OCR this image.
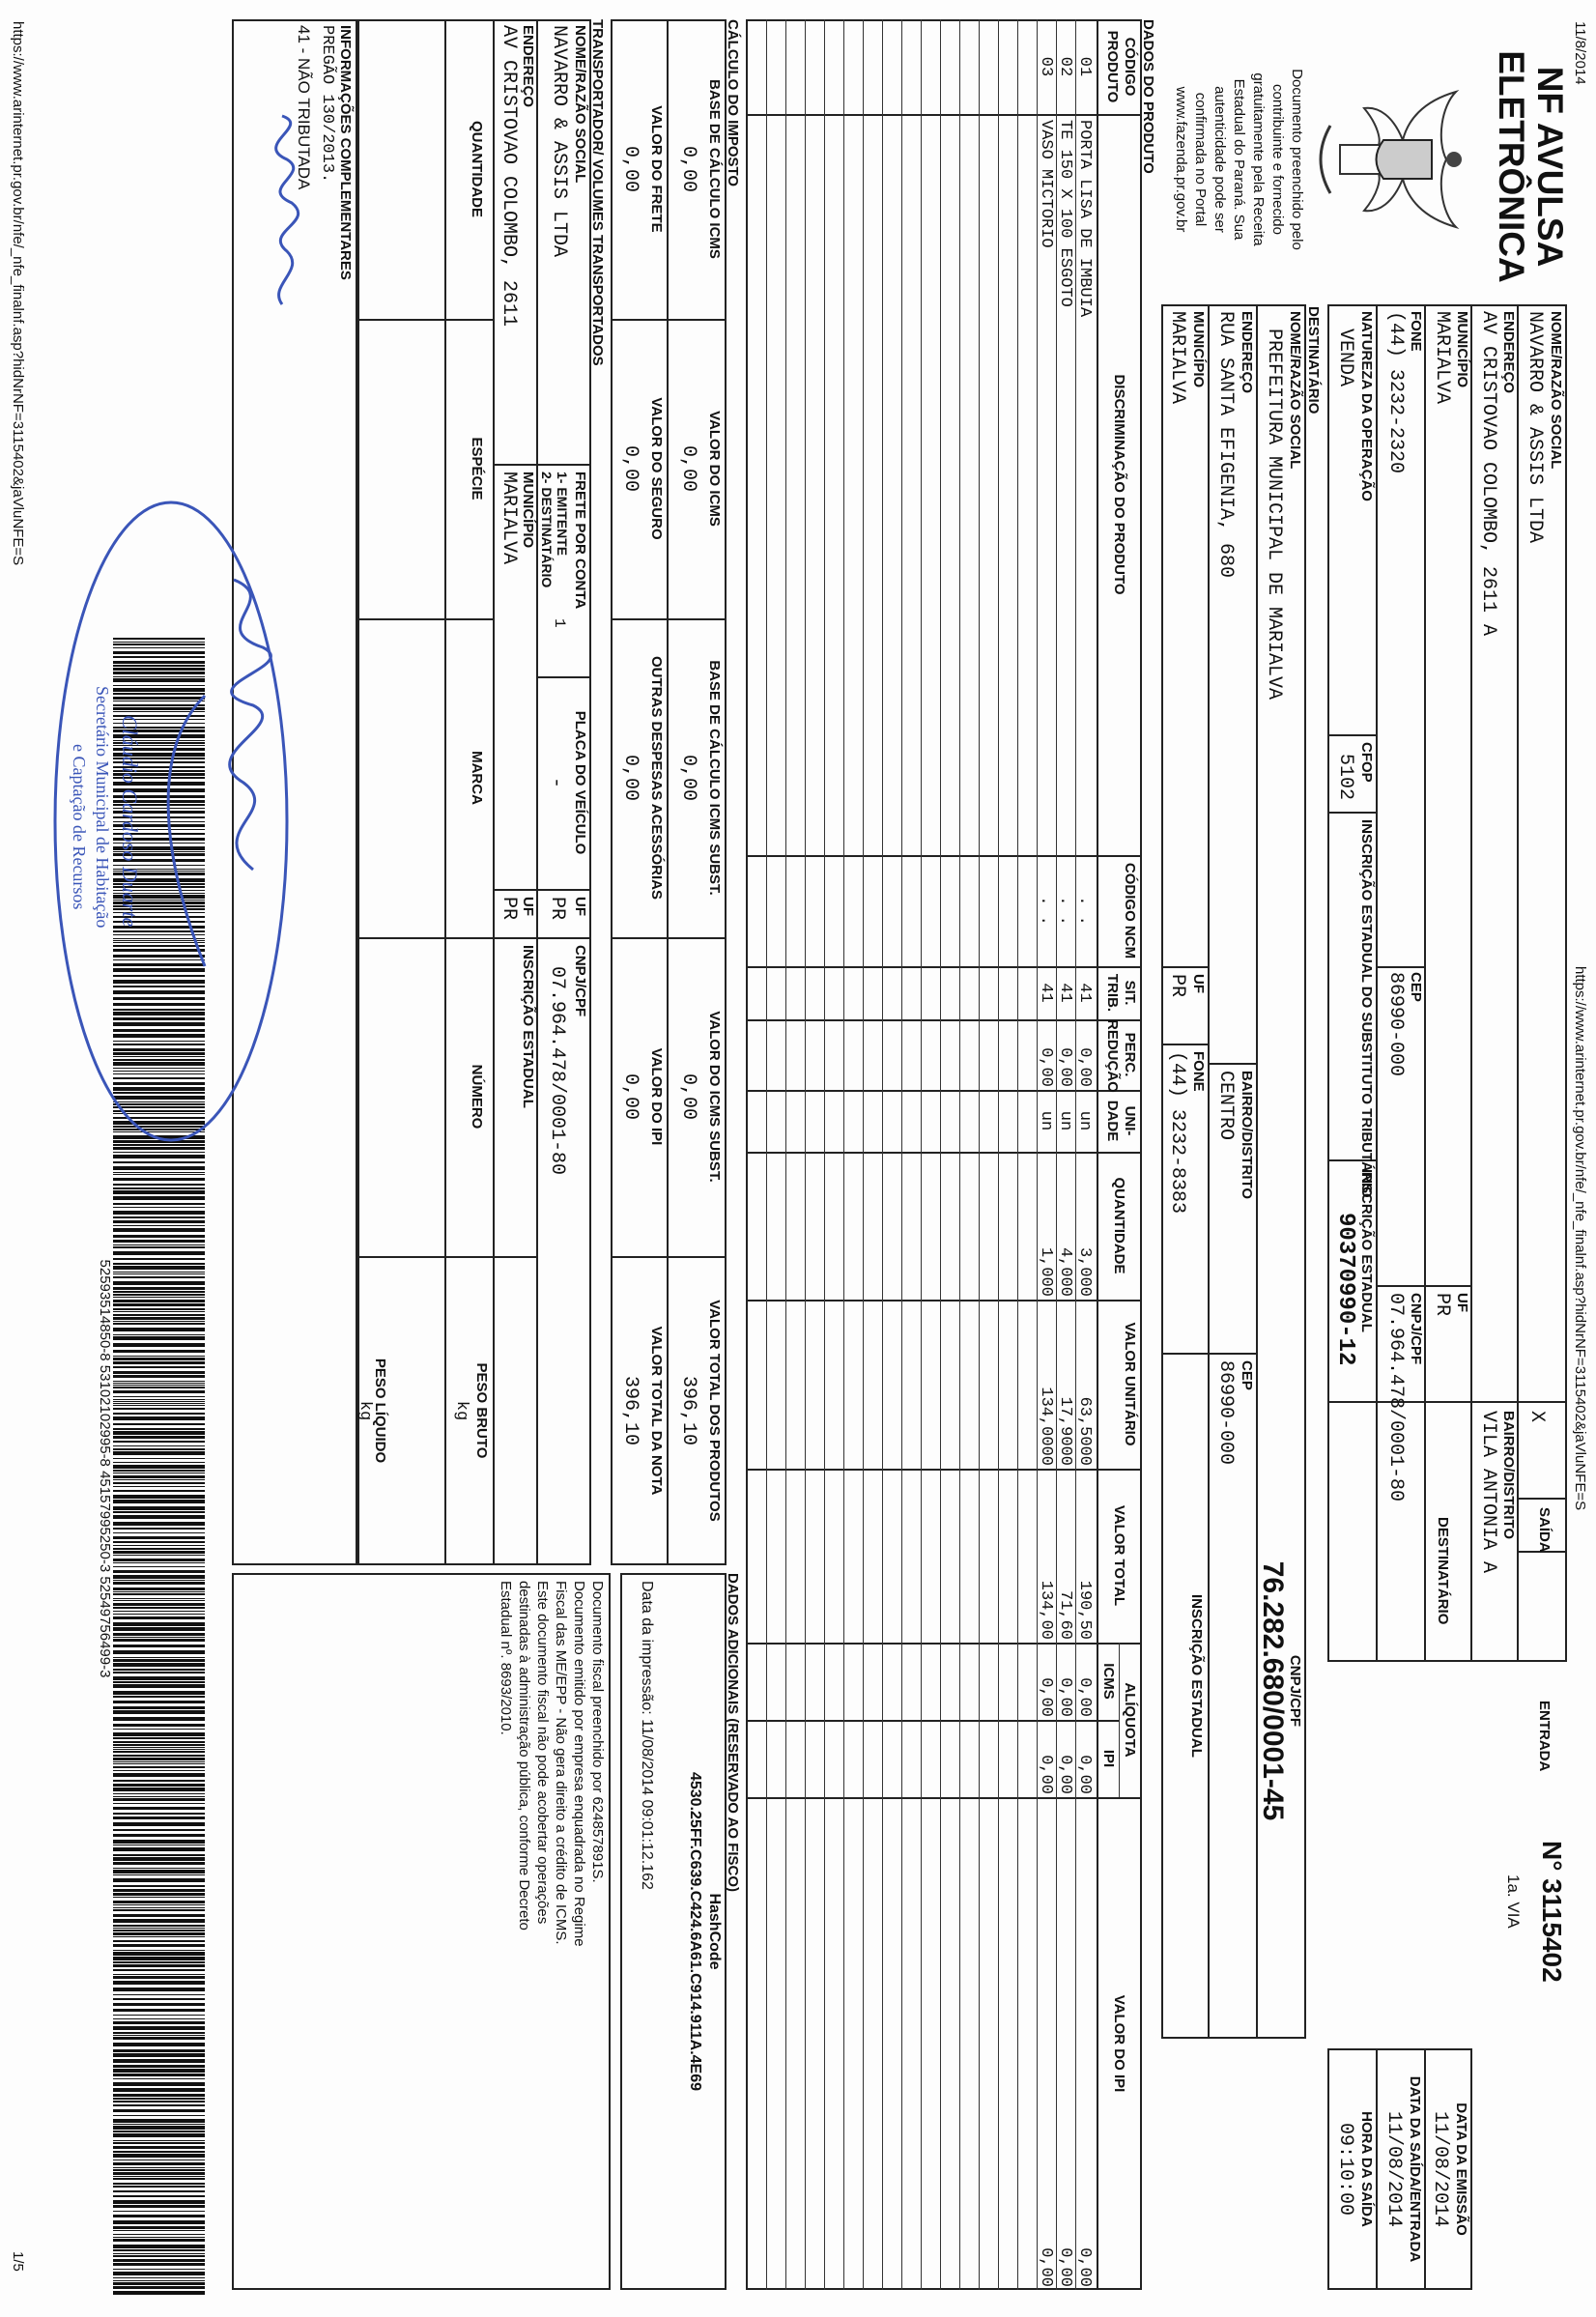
11/8/2014
https://www.arinternet.pr.gov.br/nfe/_nfe_finalnf.asp?hidNrNF=3115402&jaVluNFE=S
NF AVULSA
ELETRÔNICA
Documento preenchido pelo
contribuinte e fornecido
gratuitamente pela Receita
Estadual do Paraná. Sua
autenticidade pode ser
confirmada no Portal
www.fazenda.pr.gov.br
NOME/RAZÃO SOCIAL
NAVARRO & ASSIS LTDA
X
SAÍDA
ENTRADA
N° 3115402
1a. VIA
DESTINATÁRIO
ENDEREÇO
AV CRISTOVAO COLOMBO, 2611 A
BAIRRO/DISTRITO
VILA ANTONIA A
MUNICÍPIO
MARIALVA
UF
PR
FONE
(44) 3232-2320
CEP
86990-000
CNPJ/CPF
07.964.478/0001-80
NATUREZA DA OPERAÇÃO
VENDA
CFOP
5102
INSCRIÇÃO ESTADUAL DO SUBSTITUTO TRIBUTÁRIO
INSCRIÇÃO ESTADUAL
90370990-12
DATA DA EMISSÃO
11/08/2014
DATA DA SAÍDA/ENTRADA
11/08/2014
HORA DA SAÍDA
09:10:00
DESTINATÁRIO
NOME/RAZÃO SOCIAL
PREFEITURA MUNICIPAL DE MARIALVA
CNPJ/CPF
76.282.680/0001-45
ENDEREÇO
RUA SANTA EFIGENIA, 680
BAIRRO/DISTRITO
CENTRO
CEP
86990-000
MUNICÍPIO
MARIALVA
UF
PR
FONE
(44) 3232-8383
INSCRIÇÃO ESTADUAL
DADOS DO PRODUTO
CÓDIGO PRODUTO
DISCRIMINAÇÃO DO PRODUTO
CÓDIGO NCM
SIT. TRIB.
PERC. REDUÇÃO
UNI- DADE
QUANTIDADE
VALOR UNITÁRIO
VALOR TOTAL
ALÍQUOTA
ICMS
IPI
VALOR DO IPI
CÁLCULO DO IMPOSTO
BASE DE CÁLCULO ICMS
0,00
VALOR DO ICMS
0,00
BASE DE CÁLCULO ICMS SUBST.
0,00
VALOR DO ICMS SUBST.
0,00
VALOR TOTAL DOS PRODUTOS
396,10
VALOR DO FRETE
0,00
VALOR DO SEGURO
0,00
OUTRAS DESPESAS ACESSÓRIAS
0,00
VALOR DO IPI
0,00
VALOR TOTAL DA NOTA
396,10
TRANSPORTADOR/ VOLUMES TRANSPORTADOS
NOME/RAZÃO SOCIAL
NAVARRO & ASSIS LTDA
FRETE POR CONTA
1- EMITENTE
2- DESTINATÁRIO
1
PLACA DO VEÍCULO
-
UF
PR
CNPJ/CPF
07.964.478/0001-80
ENDEREÇO
AV CRISTOVAO COLOMBO, 2611
MUNICÍPIO
MARIALVA
UF
PR
INSCRIÇÃO ESTADUAL
QUANTIDADE
ESPÉCIE
MARCA
NÚMERO
PESO BRUTO
kg
PESO LÍQUIDO
kg
INFORMAÇÕES COMPLEMENTARES
PREGÃO 130/2013.
41 - NÃO TRIBUTADA
DADOS ADICIONAIS (RESERVADO AO FISCO)
HashCode
4530.25FF.C639.C424.6A61.C914.911A.4E69
Data da impressão: 11/08/2014 09:01:12.162
Documento fiscal preenchido por 624857891S.
Documento emitido por empresa enquadrada no Regime
Fiscal das ME/EPP - Não gera direito a crédito de ICMS.
Este documento fiscal não pode acobertar operações
destinadas à administração pública, conforme Decreto
Estadual nº. 8693/2010.
52593514850-8 53102102995-8 45157995250-3 52549756499-3
Cláudio Cardoso Duarte
Secretário Municipal de Habitação
e Captação de Recursos
https://www.arinternet.pr.gov.br/nfe/_nfe_finalnf.asp?hidNrNF=3115402&jaVluNFE=S
1/5
01
PORTA LISA DE IMBUIA
. .
41
0,00
un
3,000
63,5000
190,50
0,00
0,00
0,00
02
TE 150 X 100 ESGOTO
. .
41
0,00
un
4,000
17,9000
71,60
0,00
0,00
0,00
03
VASO MICTORIO
. .
41
0,00
un
1,000
134,0000
134,00
0,00
0,00
0,00
